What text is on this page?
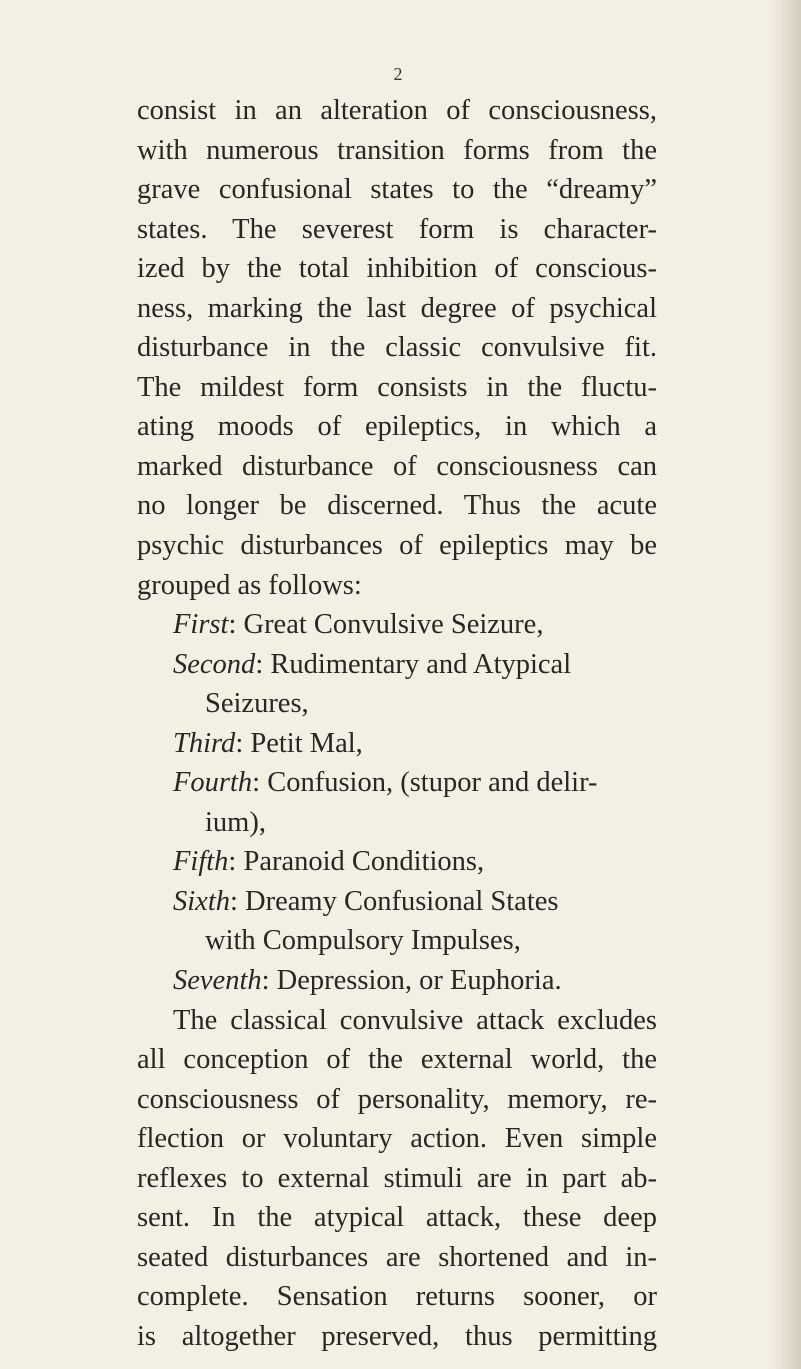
2
consist in an alteration of consciousness,
with numerous transition forms from the
grave confusional states to the “dreamy”
states. The severest form is character-
ized by the total inhibition of conscious-
ness, marking the last degree of psychical
disturbance in the classic convulsive fit.
The mildest form consists in the fluctu-
ating moods of epileptics, in which a
marked disturbance of consciousness can
no longer be discerned. Thus the acute
psychic disturbances of epileptics may be
grouped as follows:
First: Great Convulsive Seizure,
Second: Rudimentary and Atypical
Seizures,
Third: Petit Mal,
Fourth: Confusion, (stupor and delir-
ium),
Fifth: Paranoid Conditions,
Sixth: Dreamy Confusional States
with Compulsory Impulses,
Seventh: Depression, or Euphoria.
The classical convulsive attack excludes
all conception of the external world, the
consciousness of personality, memory, re-
flection or voluntary action. Even simple
reflexes to external stimuli are in part ab-
sent. In the atypical attack, these deep
seated disturbances are shortened and in-
complete. Sensation returns sooner, or
is altogether preserved, thus permitting
